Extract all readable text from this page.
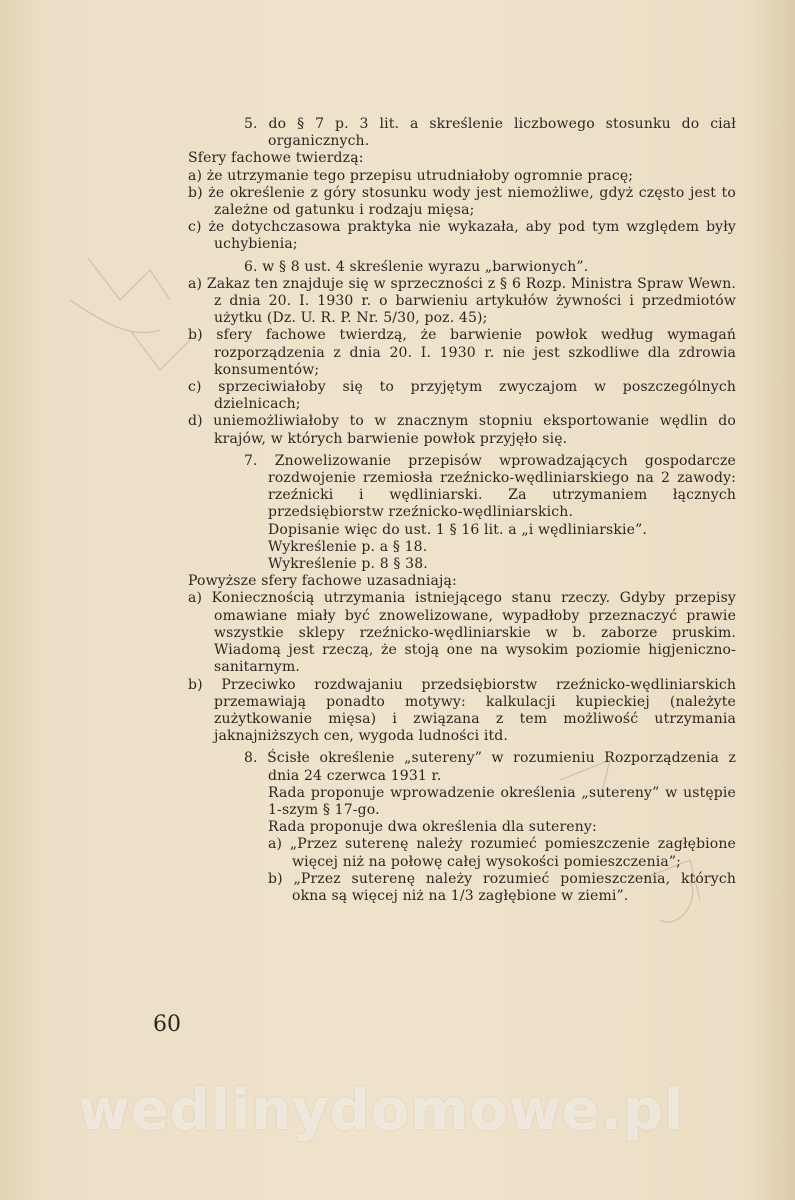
5. do § 7 p. 3 lit. a skreślenie liczbowego stosunku do ciał organicznych.

Sfery fachowe twierdzą:

a) że utrzymanie tego przepisu utrudniałoby ogromnie pracę;

b) że określenie z góry stosunku wody jest niemożliwe, gdyż często jest to zależne od gatunku i rodzaju mięsa;

c) że dotychczasowa praktyka nie wykazała, aby pod tym względem były uchybienia;

6. w § 8 ust. 4 skreślenie wyrazu „barwionych”.

a) Zakaz ten znajduje się w sprzeczności z § 6 Rozp. Ministra Spraw Wewn. z dnia 20. I. 1930 r. o barwieniu artykułów żywności i przedmiotów użytku (Dz. U. R. P. Nr. 5/30, poz. 45);

b) sfery fachowe twierdzą, że barwienie powłok według wymagań rozporządzenia z dnia 20. I. 1930 r. nie jest szkodliwe dla zdrowia konsumentów;

c) sprzeciwiałoby się to przyjętym zwyczajom w poszczególnych dzielnicach;

d) uniemożliwiałoby to w znacznym stopniu eksportowanie wędlin do krajów, w których barwienie powłok przyjęło się.

7. Znowelizowanie przepisów wprowadzających gospodarcze rozdwojenie rzemiosła rzeźnicko-wędliniarskiego na 2 zawody: rzeźnicki i wędliniarski. Za utrzymaniem łącznych przedsiębiorstw rzeźnicko-wędliniarskich.

Dopisanie więc do ust. 1 § 16 lit. a „i wędliniarskie”.

Wykreślenie p. a § 18.

Wykreślenie p. 8 § 38.

Powyższe sfery fachowe uzasadniają:

a) Koniecznością utrzymania istniejącego stanu rzeczy. Gdyby przepisy omawiane miały być znowelizowane, wypadłoby przeznaczyć prawie wszystkie sklepy rzeźnicko-wędliniarskie w b. zaborze pruskim. Wiadomą jest rzeczą, że stoją one na wysokim poziomie higjeniczno-sanitarnym.

b) Przeciwko rozdwajaniu przedsiębiorstw rzeźnicko-wędliniarskich przemawiają ponadto motywy: kalkulacji kupieckiej (należyte zużytkowanie mięsa) i związana z tem możliwość utrzymania jaknajniższych cen, wygoda ludności itd.

8. Ścisłe określenie „sutereny” w rozumieniu Rozporządzenia z dnia 24 czerwca 1931 r.

Rada proponuje wprowadzenie określenia „sutereny” w ustępie 1-szym § 17-go.

Rada proponuje dwa określenia dla sutereny:

a) „Przez suterenę należy rozumieć pomieszczenie zagłębione więcej niż na połowę całej wysokości pomieszczenia”;

b) „Przez suterenę należy rozumieć pomieszczenia, których okna są więcej niż na 1/3 zagłębione w ziemi”.

60
wedlinydomowe.pl
